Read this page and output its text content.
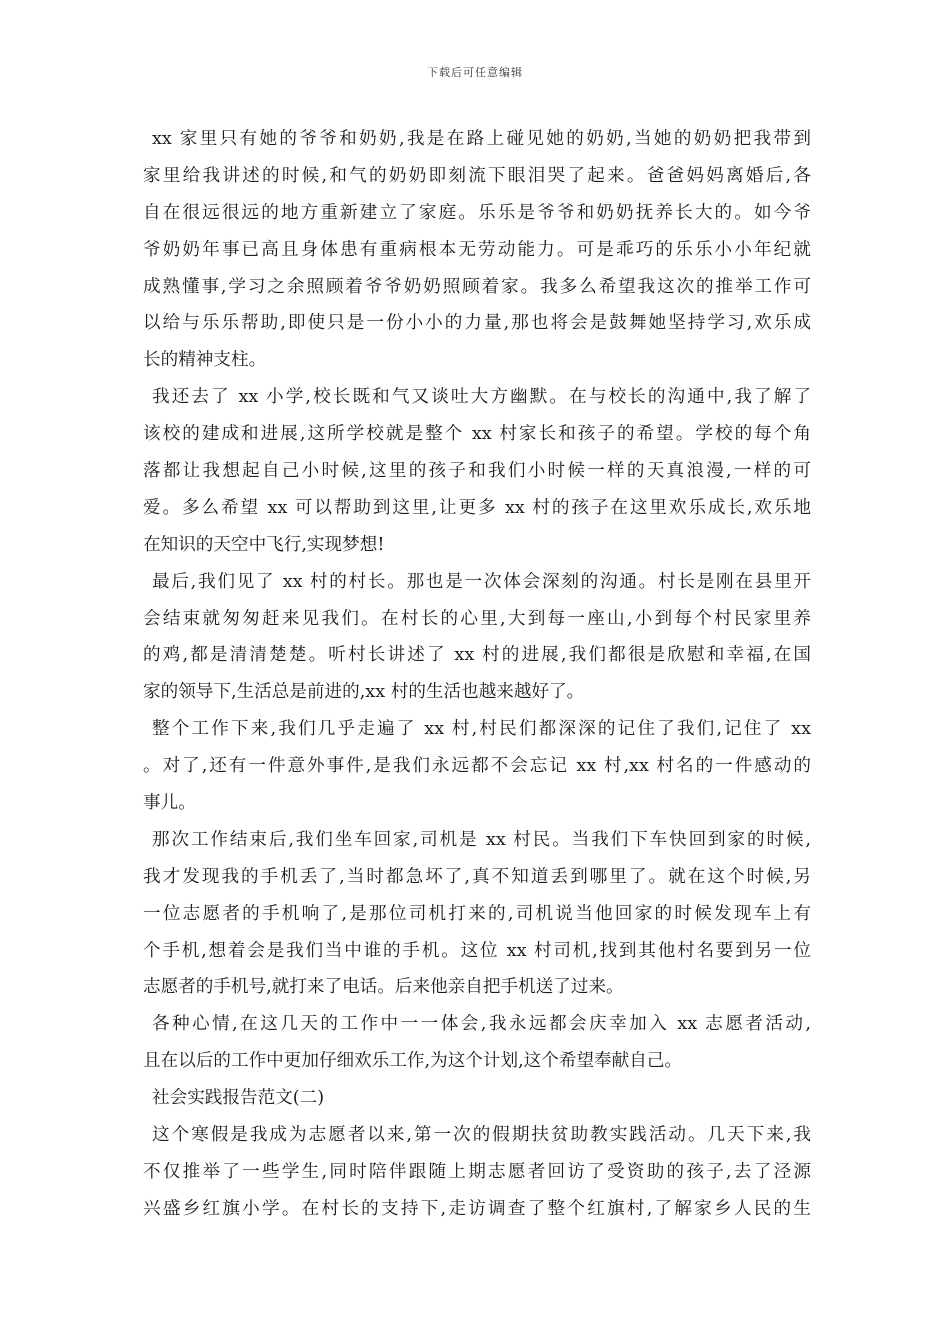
下载后可任意编辑
xx 家里只有她的爷爷和奶奶,我是在路上碰见她的奶奶,当她的奶奶把我带到
家里给我讲述的时候,和气的奶奶即刻流下眼泪哭了起来。爸爸妈妈离婚后,各
自在很远很远的地方重新建立了家庭。乐乐是爷爷和奶奶抚养长大的。如今爷
爷奶奶年事已高且身体患有重病根本无劳动能力。可是乖巧的乐乐小小年纪就
成熟懂事,学习之余照顾着爷爷奶奶照顾着家。我多么希望我这次的推举工作可
以给与乐乐帮助,即使只是一份小小的力量,那也将会是鼓舞她坚持学习,欢乐成
长的精神支柱。
我还去了 xx 小学,校长既和气又谈吐大方幽默。在与校长的沟通中,我了解了
该校的建成和进展,这所学校就是整个 xx 村家长和孩子的希望。学校的每个角
落都让我想起自己小时候,这里的孩子和我们小时候一样的天真浪漫,一样的可
爱。多么希望 xx 可以帮助到这里,让更多 xx 村的孩子在这里欢乐成长,欢乐地
在知识的天空中飞行,实现梦想!
最后,我们见了 xx 村的村长。那也是一次体会深刻的沟通。村长是刚在县里开
会结束就匆匆赶来见我们。在村长的心里,大到每一座山,小到每个村民家里养
的鸡,都是清清楚楚。听村长讲述了 xx 村的进展,我们都很是欣慰和幸福,在国
家的领导下,生活总是前进的,xx 村的生活也越来越好了。
整个工作下来,我们几乎走遍了 xx 村,村民们都深深的记住了我们,记住了 xx
。对了,还有一件意外事件,是我们永远都不会忘记 xx 村,xx 村名的一件感动的
事儿。
那次工作结束后,我们坐车回家,司机是 xx 村民。当我们下车快回到家的时候,
我才发现我的手机丢了,当时都急坏了,真不知道丢到哪里了。就在这个时候,另
一位志愿者的手机响了,是那位司机打来的,司机说当他回家的时候发现车上有
个手机,想着会是我们当中谁的手机。这位 xx 村司机,找到其他村名要到另一位
志愿者的手机号,就打来了电话。后来他亲自把手机送了过来。
各种心情,在这几天的工作中一一体会,我永远都会庆幸加入 xx 志愿者活动,
且在以后的工作中更加仔细欢乐工作,为这个计划,这个希望奉献自己。
社会实践报告范文(二)
这个寒假是我成为志愿者以来,第一次的假期扶贫助教实践活动。几天下来,我
不仅推举了一些学生,同时陪伴跟随上期志愿者回访了受资助的孩子,去了泾源
兴盛乡红旗小学。在村长的支持下,走访调查了整个红旗村,了解家乡人民的生
